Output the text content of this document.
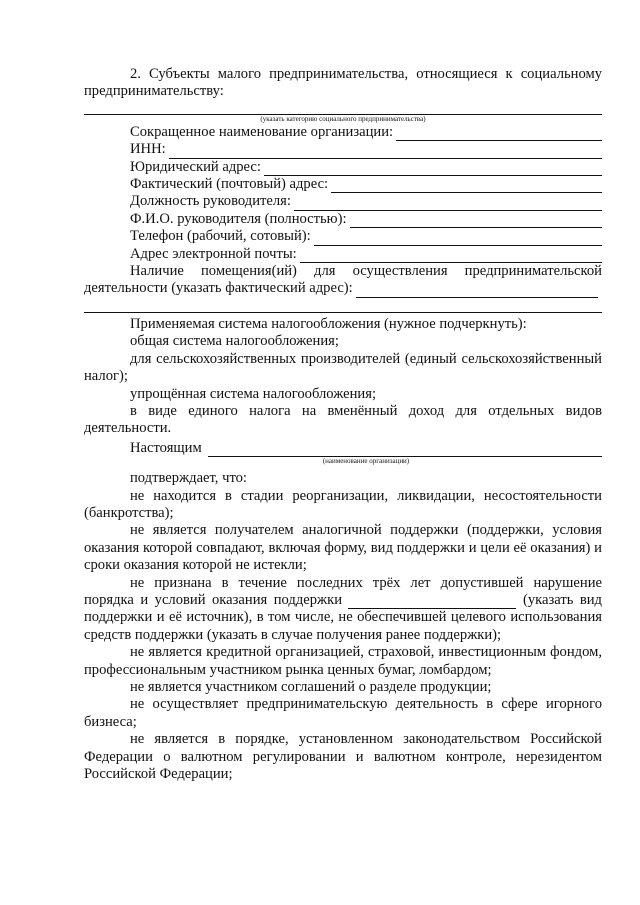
2. Субъекты малого предпринимательства, относящиеся к социальному предпринимательству:

(указать категорию социального предпринимательства)
Сокращенное наименование организации:
ИНН:
Юридический адрес:
Фактический (почтовый) адрес:
Должность руководителя:
Ф.И.О. руководителя (полностью):
Телефон (рабочий, сотовый):
Адрес электронной почты:

Наличие помещения(ий) для осуществления предпринимательской

деятельности (указать фактический адрес):

Применяемая система налогообложения (нужное подчеркнуть):

общая система налогообложения;

для сельскохозяйственных производителей (единый сельскохозяйственный налог);

упрощённая система налогообложения;

в виде единого налога на вменённый доход для отдельных видов деятельности.

Настоящим
(наименование организации)

подтверждает, что:

не находится в стадии реорганизации, ликвидации, несостоятельности (банкротства);

не является получателем аналогичной поддержки (поддержки, условия оказания которой совпадают, включая форму, вид поддержки и цели её оказания) и сроки оказания которой не истекли;

не признана в течение последних трёх лет допустившей нарушение порядка и условий оказания поддержки	(указать вид поддержки и её источник), в том числе, не обеспечившей целевого использования средств поддержки (указать в случае получения ранее поддержки);

не является кредитной организацией, страховой, инвестиционным фондом, профессиональным участником рынка ценных бумаг, ломбардом;

не является участником соглашений о разделе продукции;

не осуществляет предпринимательскую деятельность в сфере игорного бизнеса;

не является в порядке, установленном законодательством Российской Федерации о валютном регулировании и валютном контроле, нерезидентом Российской Федерации;
